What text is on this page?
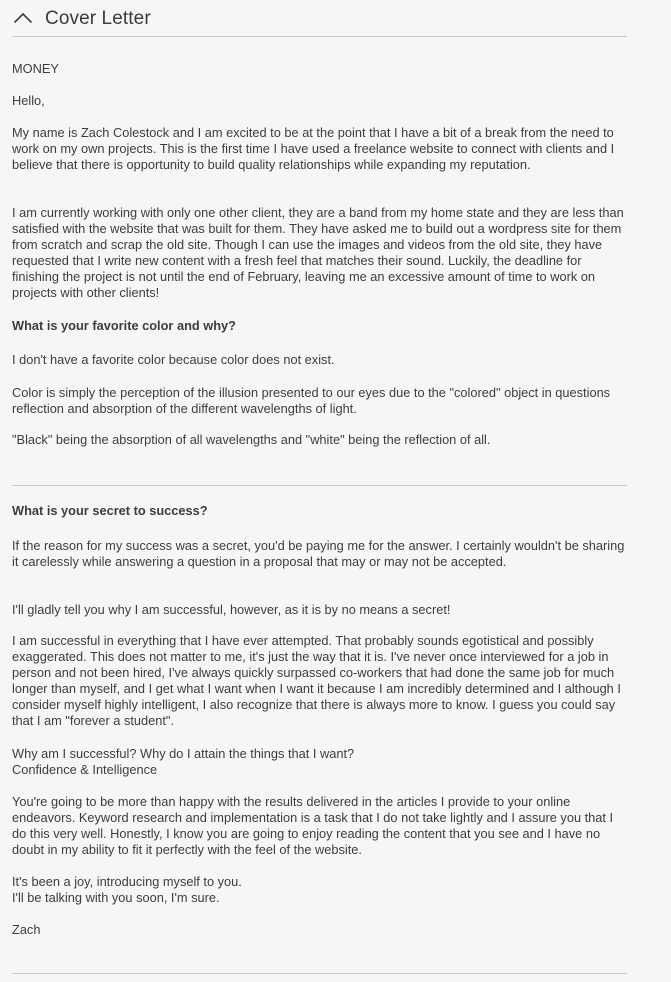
Cover Letter

MONEY

Hello,

My name is Zach Colestock and I am excited to be at the point that I have a bit of a break from the need to work on my own projects. This is the first time I have used a freelance website to connect with clients and I believe that there is opportunity to build quality relationships while expanding my reputation.

I am currently working with only one other client, they are a band from my home state and they are less than satisfied with the website that was built for them. They have asked me to build out a wordpress site for them from scratch and scrap the old site. Though I can use the images and videos from the old site, they have requested that I write new content with a fresh feel that matches their sound. Luckily, the deadline for finishing the project is not until the end of February, leaving me an excessive amount of time to work on projects with other clients!

What is your favorite color and why?

I don't have a favorite color because color does not exist.

Color is simply the perception of the illusion presented to our eyes due to the "colored" object in questions reflection and absorption of the different wavelengths of light.

"Black" being the absorption of all wavelengths and "white" being the reflection of all.

What is your secret to success?

If the reason for my success was a secret, you'd be paying me for the answer. I certainly wouldn't be sharing it carelessly while answering a question in a proposal that may or may not be accepted.

I'll gladly tell you why I am successful, however, as it is by no means a secret!

I am successful in everything that I have ever attempted. That probably sounds egotistical and possibly exaggerated. This does not matter to me, it's just the way that it is. I've never once interviewed for a job in person and not been hired, I've always quickly surpassed co-workers that had done the same job for much longer than myself, and I get what I want when I want it because I am incredibly determined and I although I consider myself highly intelligent, I also recognize that there is always more to know. I guess you could say that I am "forever a student".

Why am I successful? Why do I attain the things that I want?

Confidence & Intelligence

You're going to be more than happy with the results delivered in the articles I provide to your online endeavors. Keyword research and implementation is a task that I do not take lightly and I assure you that I do this very well. Honestly, I know you are going to enjoy reading the content that you see and I have no doubt in my ability to fit it perfectly with the feel of the website.

It's been a joy, introducing myself to you.

I'll be talking with you soon, I'm sure.

Zach
